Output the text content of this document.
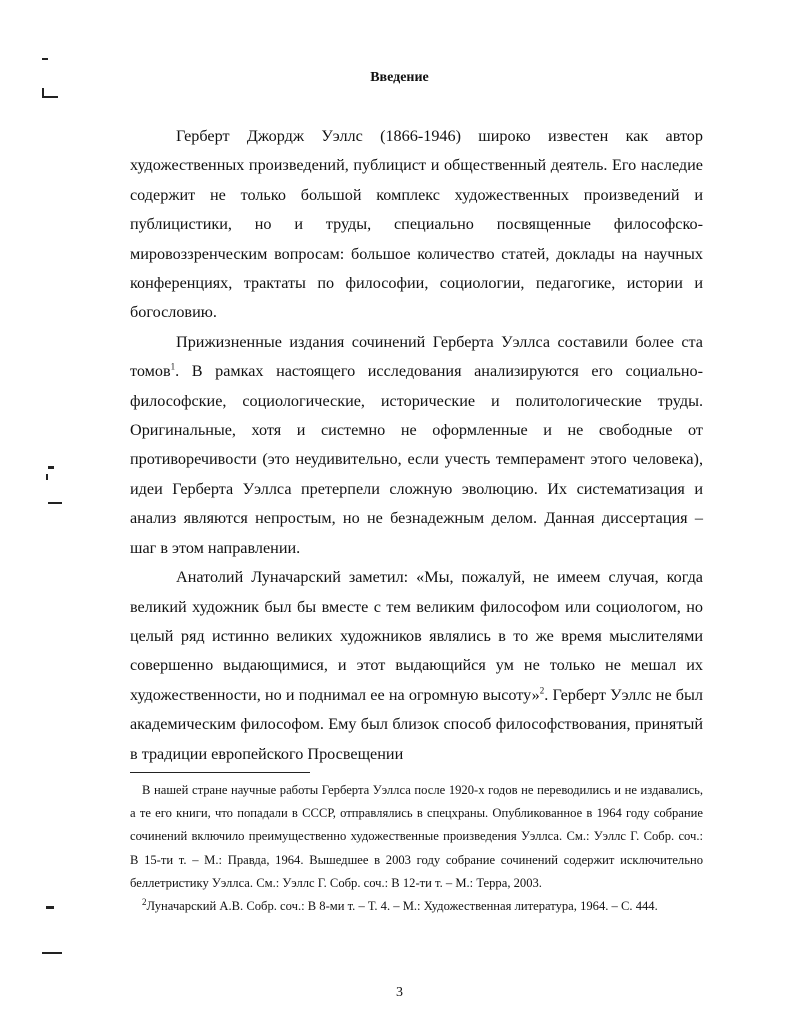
Введение

Герберт Джордж Уэллс (1866-1946) широко известен как автор художественных произведений, публицист и общественный деятель. Его наследие содержит не только большой комплекс художественных произведений и публицистики, но и труды, специально посвященные философско-мировоззренческим вопросам: большое количество статей, доклады на научных конференциях, трактаты по философии, социологии, педагогике, истории и богословию.

Прижизненные издания сочинений Герберта Уэллса составили более ста томов$^1$. В рамках настоящего исследования анализируются его социально-философские, социологические, исторические и политологические труды. Оригинальные, хотя и системно не оформленные и не свободные от противоречивости (это неудивительно, если учесть темперамент этого человека), идеи Герберта Уэллса претерпели сложную эволюцию. Их систематизация и анализ являются непростым, но не безнадежным делом. Данная диссертация – шаг в этом направлении.

Анатолий Луначарский заметил: «Мы, пожалуй, не имеем случая, когда великий художник был бы вместе с тем великим философом или социологом, но целый ряд истинно великих художников являлись в то же время мыслителями совершенно выдающимися, и этот выдающийся ум не только не мешал их художественности, но и поднимал ее на огромную высоту»$^2$. Герберт Уэллс не был академическим философом. Ему был близок способ философствования, принятый в традиции европейского Просвещении

В нашей стране научные работы Герберта Уэллса после 1920-х годов не переводились и не издавались, а те его книги, что попадали в СССР, отправлялись в спецхраны. Опубликованное в 1964 году собрание сочинений включило преимущественно художественные произведения Уэллса. См.: Уэллс Г. Собр. соч.: В 15-ти т. – М.: Правда, 1964. Вышедшее в 2003 году собрание сочинений содержит исключительно беллетристику Уэллса. См.: Уэллс Г. Собр. соч.: В 12-ти т. – М.: Терра, 2003.

$^2$Луначарский А.В. Собр. соч.: В 8-ми т. – Т. 4. – М.: Художественная литература, 1964. – С. 444.

3
